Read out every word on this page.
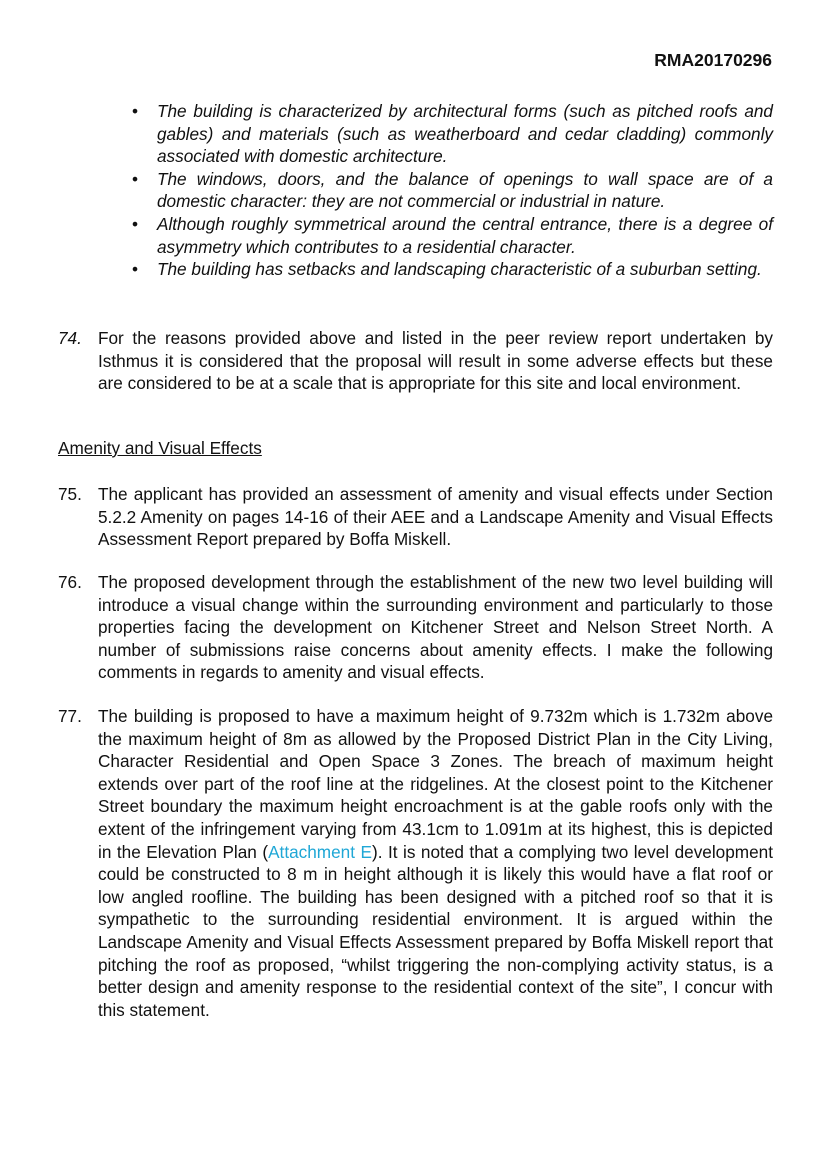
RMA20170296
• The building is characterized by architectural forms (such as pitched roofs and gables) and materials (such as weatherboard and cedar cladding) commonly associated with domestic architecture.
• The windows, doors, and the balance of openings to wall space are of a domestic character: they are not commercial or industrial in nature.
• Although roughly symmetrical around the central entrance, there is a degree of asymmetry which contributes to a residential character.
• The building has setbacks and landscaping characteristic of a suburban setting.
74. For the reasons provided above and listed in the peer review report undertaken by Isthmus it is considered that the proposal will result in some adverse effects but these are considered to be at a scale that is appropriate for this site and local environment.
Amenity and Visual Effects
75. The applicant has provided an assessment of amenity and visual effects under Section 5.2.2 Amenity on pages 14-16 of their AEE and a Landscape Amenity and Visual Effects Assessment Report prepared by Boffa Miskell.
76. The proposed development through the establishment of the new two level building will introduce a visual change within the surrounding environment and particularly to those properties facing the development on Kitchener Street and Nelson Street North. A number of submissions raise concerns about amenity effects. I make the following comments in regards to amenity and visual effects.
77. The building is proposed to have a maximum height of 9.732m which is 1.732m above the maximum height of 8m as allowed by the Proposed District Plan in the City Living, Character Residential and Open Space 3 Zones. The breach of maximum height extends over part of the roof line at the ridgelines. At the closest point to the Kitchener Street boundary the maximum height encroachment is at the gable roofs only with the extent of the infringement varying from 43.1cm to 1.091m at its highest, this is depicted in the Elevation Plan (Attachment E). It is noted that a complying two level development could be constructed to 8 m in height although it is likely this would have a flat roof or low angled roofline. The building has been designed with a pitched roof so that it is sympathetic to the surrounding residential environment. It is argued within the Landscape Amenity and Visual Effects Assessment prepared by Boffa Miskell report that pitching the roof as proposed, “whilst triggering the non-complying activity status, is a better design and amenity response to the residential context of the site”, I concur with this statement.
